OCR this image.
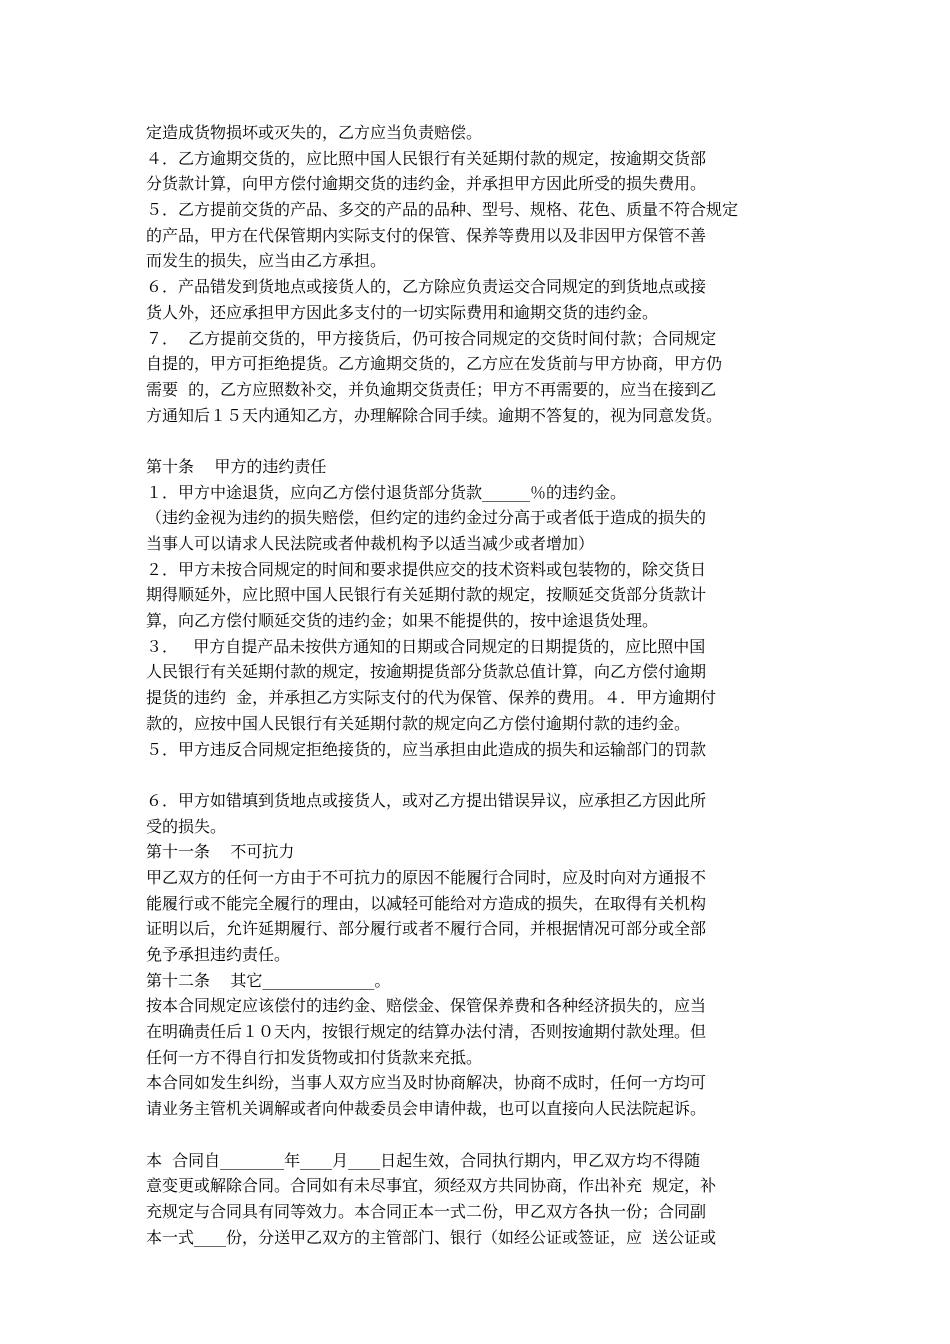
定造成货物损坏或灭失的，乙方应当负责赔偿。
４．乙方逾期交货的，应比照中国人民银行有关延期付款的规定，按逾期交货部
分货款计算，向甲方偿付逾期交货的违约金，并承担甲方因此所受的损失费用。
５．乙方提前交货的产品、多交的产品的品种、型号、规格、花色、质量不符合规定
的产品，甲方在代保管期内实际支付的保管、保养等费用以及非因甲方保管不善
而发生的损失，应当由乙方承担。
６．产品错发到货地点或接货人的，乙方除应负责运交合同规定的到货地点或接
货人外，还应承担甲方因此多支付的一切实际费用和逾期交货的违约金。
７．  乙方提前交货的，甲方接货后，仍可按合同规定的交货时间付款；合同规定
自提的，甲方可拒绝提货。乙方逾期交货的，乙方应在发货前与甲方协商，甲方仍
需要  的，乙方应照数补交，并负逾期交货责任；甲方不再需要的，应当在接到乙
方通知后１５天内通知乙方，办理解除合同手续。逾期不答复的，视为同意发货。
第十条    甲方的违约责任
１．甲方中途退货，应向乙方偿付退货部分货款______％的违约金。
（违约金视为违约的损失赔偿，但约定的违约金过分高于或者低于造成的损失的
当事人可以请求人民法院或者仲裁机构予以适当减少或者增加）
２．甲方未按合同规定的时间和要求提供应交的技术资料或包装物的，除交货日
期得顺延外，应比照中国人民银行有关延期付款的规定，按顺延交货部分货款计
算，向乙方偿付顺延交货的违约金；如果不能提供的，按中途退货处理。
３．   甲方自提产品未按供方通知的日期或合同规定的日期提货的，应比照中国
人民银行有关延期付款的规定，按逾期提货部分货款总值计算，向乙方偿付逾期
提货的违约  金，并承担乙方实际支付的代为保管、保养的费用。４．甲方逾期付
款的，应按中国人民银行有关延期付款的规定向乙方偿付逾期付款的违约金。
５．甲方违反合同规定拒绝接货的，应当承担由此造成的损失和运输部门的罚款
６．甲方如错填到货地点或接货人，或对乙方提出错误异议，应承担乙方因此所
受的损失。
第十一条    不可抗力
甲乙双方的任何一方由于不可抗力的原因不能履行合同时，应及时向对方通报不
能履行或不能完全履行的理由，以减轻可能给对方造成的损失，在取得有关机构
证明以后，允许延期履行、部分履行或者不履行合同，并根据情况可部分或全部
免予承担违约责任。
第十二条    其它______________。
按本合同规定应该偿付的违约金、赔偿金、保管保养费和各种经济损失的，应当
在明确责任后１０天内，按银行规定的结算办法付清，否则按逾期付款处理。但
任何一方不得自行扣发货物或扣付货款来充抵。
本合同如发生纠纷，当事人双方应当及时协商解决，协商不成时，任何一方均可
请业务主管机关调解或者向仲裁委员会申请仲裁，也可以直接向人民法院起诉。
本  合同自________年____月____日起生效，合同执行期内，甲乙双方均不得随
意变更或解除合同。合同如有未尽事宜，须经双方共同协商，作出补充  规定，补
充规定与合同具有同等效力。本合同正本一式二份，甲乙双方各执一份；合同副
本一式____份，分送甲乙双方的主管部门、银行（如经公证或签证，应  送公证或
